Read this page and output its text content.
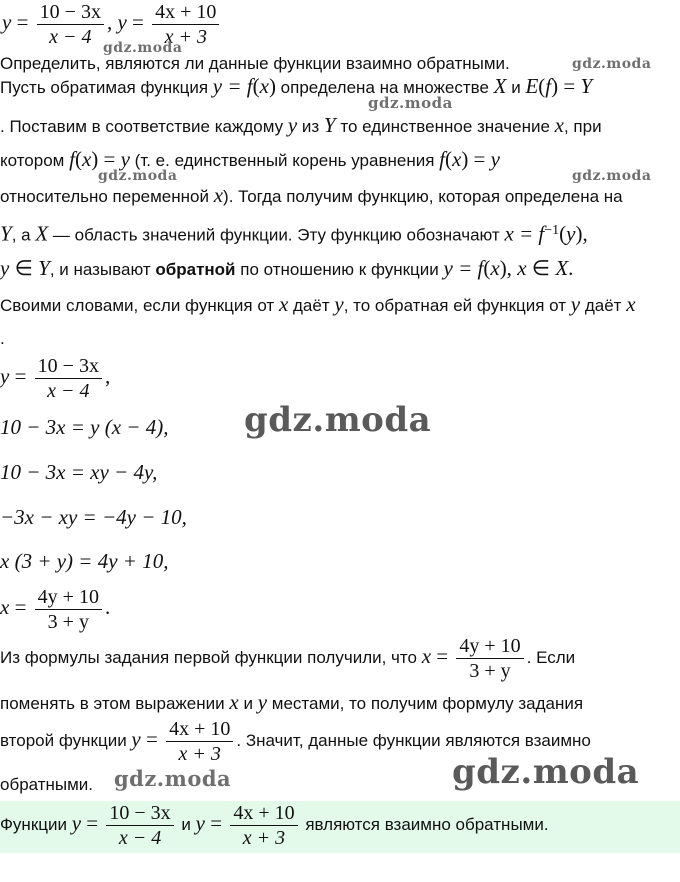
$y = \frac{10 - 3x}{x - 4}$ , $y = \frac{4x + 10}{x + 3}$
Определить, являются ли данные функции взаимно обратными.
Пусть обратимая функция y = f(x) определена на множестве X и E(f) = Y
. Поставим в соответствие каждому y из Y то единственное значение x, при
котором f(x) = y (т. е. единственный корень уравнения f(x) = y
относительно переменной x). Тогда получим функцию, которая определена на
Y, а X — область значений функции. Эту функцию обозначают $x = f^{-1}(y)$,
y ∈ Y, и называют обратной по отношению к функции y = f(x), x ∈ X.
Своими словами, если функция от x даёт y, то обратная ей функция от y даёт x
.
$y = \frac{10 - 3x}{x - 4}$ ,
10 − 3x = y (x − 4),
10 − 3x = xy − 4y,
−3x − xy = −4y − 10,
x (3 + y) = 4y + 10,
$x = \frac{4y + 10}{3 + y}$ .
Из формулы задания первой функции получили, что $x = \frac{4y + 10}{3 + y}$ . Если
поменять в этом выражении x и y местами, то получим формулу задания
второй функции $y = \frac{4x + 10}{x + 3}$ . Значит, данные функции являются взаимно
обратными.
Функции $y = \frac{10 - 3x}{x - 4}$ и $y = \frac{4x + 10}{x + 3}$ являются взаимно обратными.
gdz.moda
gdz.moda
gdz.moda
gdz.moda	gdz.moda
gdz.moda
gdz.moda	gdz.moda
